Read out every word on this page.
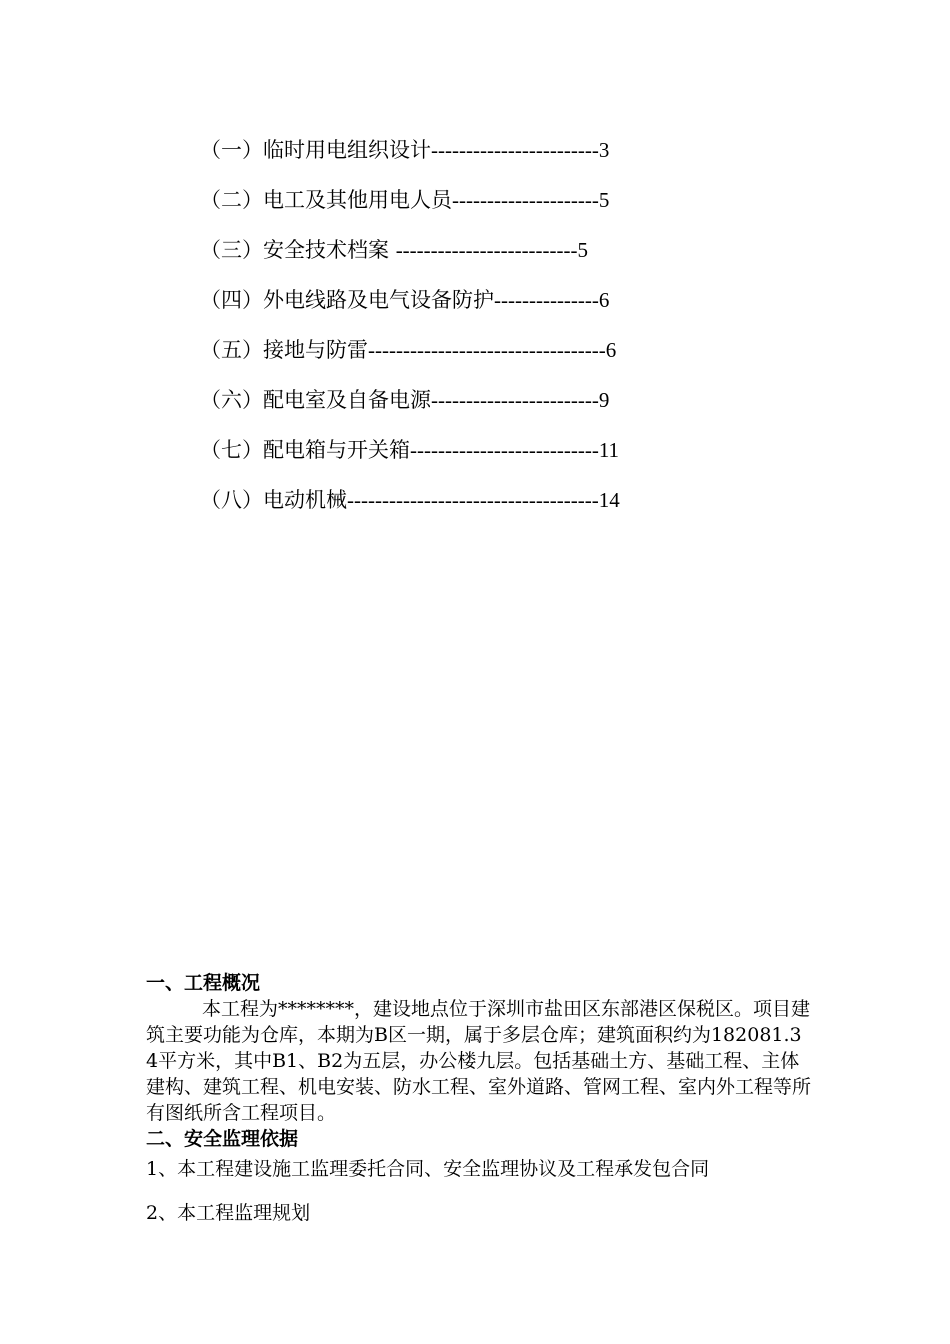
（一）临时用电组织设计------------------------3
（二）电工及其他用电人员---------------------5
（三）安全技术档案 --------------------------5
（四）外电线路及电气设备防护---------------6
（五）接地与防雷----------------------------------6
（六）配电室及自备电源------------------------9
（七）配电箱与开关箱---------------------------11
（八）电动机械------------------------------------14
一、工程概况
本工程为********，建设地点位于深圳市盐田区东部港区保税区。项目建筑主要功能为仓库，本期为B区一期，属于多层仓库；建筑面积约为182081.34平方米，其中B1、B2为五层，办公楼九层。包括基础土方、基础工程、主体建构、建筑工程、机电安装、防水工程、室外道路、管网工程、室内外工程等所有图纸所含工程项目。
二、安全监理依据
1、本工程建设施工监理委托合同、安全监理协议及工程承发包合同
2、本工程监理规划
